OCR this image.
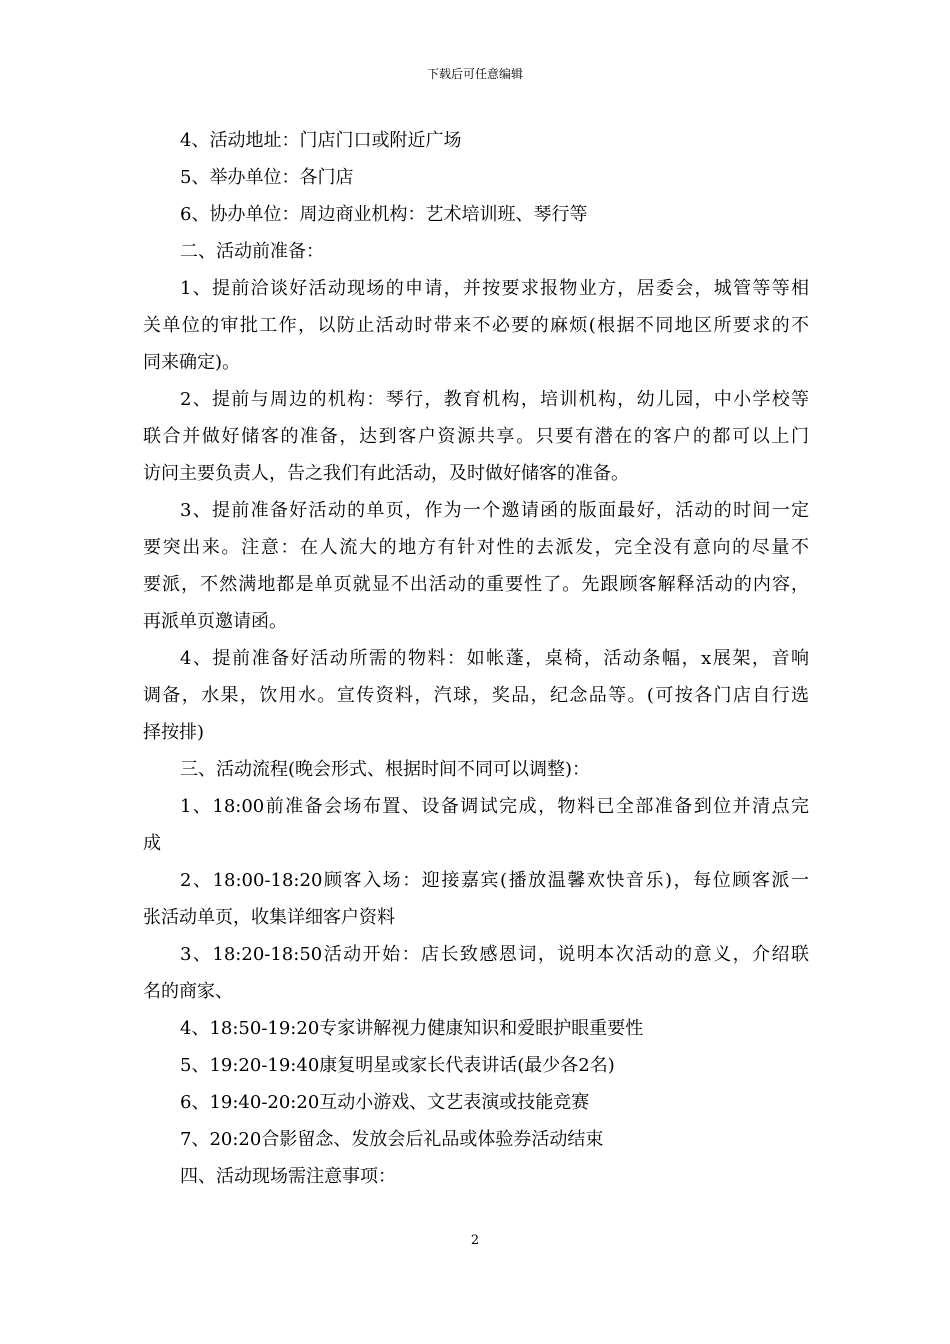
下载后可任意编辑
4、活动地址：门店门口或附近广场
5、举办单位：各门店
6、协办单位：周边商业机构：艺术培训班、琴行等
二、活动前准备：
1、提前洽谈好活动现场的申请，并按要求报物业方，居委会，城管等等相
关单位的审批工作，以防止活动时带来不必要的麻烦(根据不同地区所要求的不
同来确定)。
2、提前与周边的机构：琴行，教育机构，培训机构，幼儿园，中小学校等
联合并做好储客的准备，达到客户资源共享。只要有潜在的客户的都可以上门
访问主要负责人，告之我们有此活动，及时做好储客的准备。
3、提前准备好活动的单页，作为一个邀请函的版面最好，活动的时间一定
要突出来。注意：在人流大的地方有针对性的去派发，完全没有意向的尽量不
要派，不然满地都是单页就显不出活动的重要性了。先跟顾客解释活动的内容，
再派单页邀请函。
4、提前准备好活动所需的物料：如帐蓬，桌椅，活动条幅，x展架，音响
调备，水果，饮用水。宣传资料，汽球，奖品，纪念品等。(可按各门店自行选
择按排)
三、活动流程(晚会形式、根据时间不同可以调整)：
1、18:00前准备会场布置、设备调试完成，物料已全部准备到位并清点完
成
2、18:00-18:20顾客入场：迎接嘉宾(播放温馨欢快音乐)，每位顾客派一
张活动单页，收集详细客户资料
3、18:20-18:50活动开始：店长致感恩词，说明本次活动的意义，介绍联
名的商家、
4、18:50-19:20专家讲解视力健康知识和爱眼护眼重要性
5、19:20-19:40康复明星或家长代表讲话(最少各2名)
6、19:40-20:20互动小游戏、文艺表演或技能竞赛
7、20:20合影留念、发放会后礼品或体验券活动结束
四、活动现场需注意事项：
2
